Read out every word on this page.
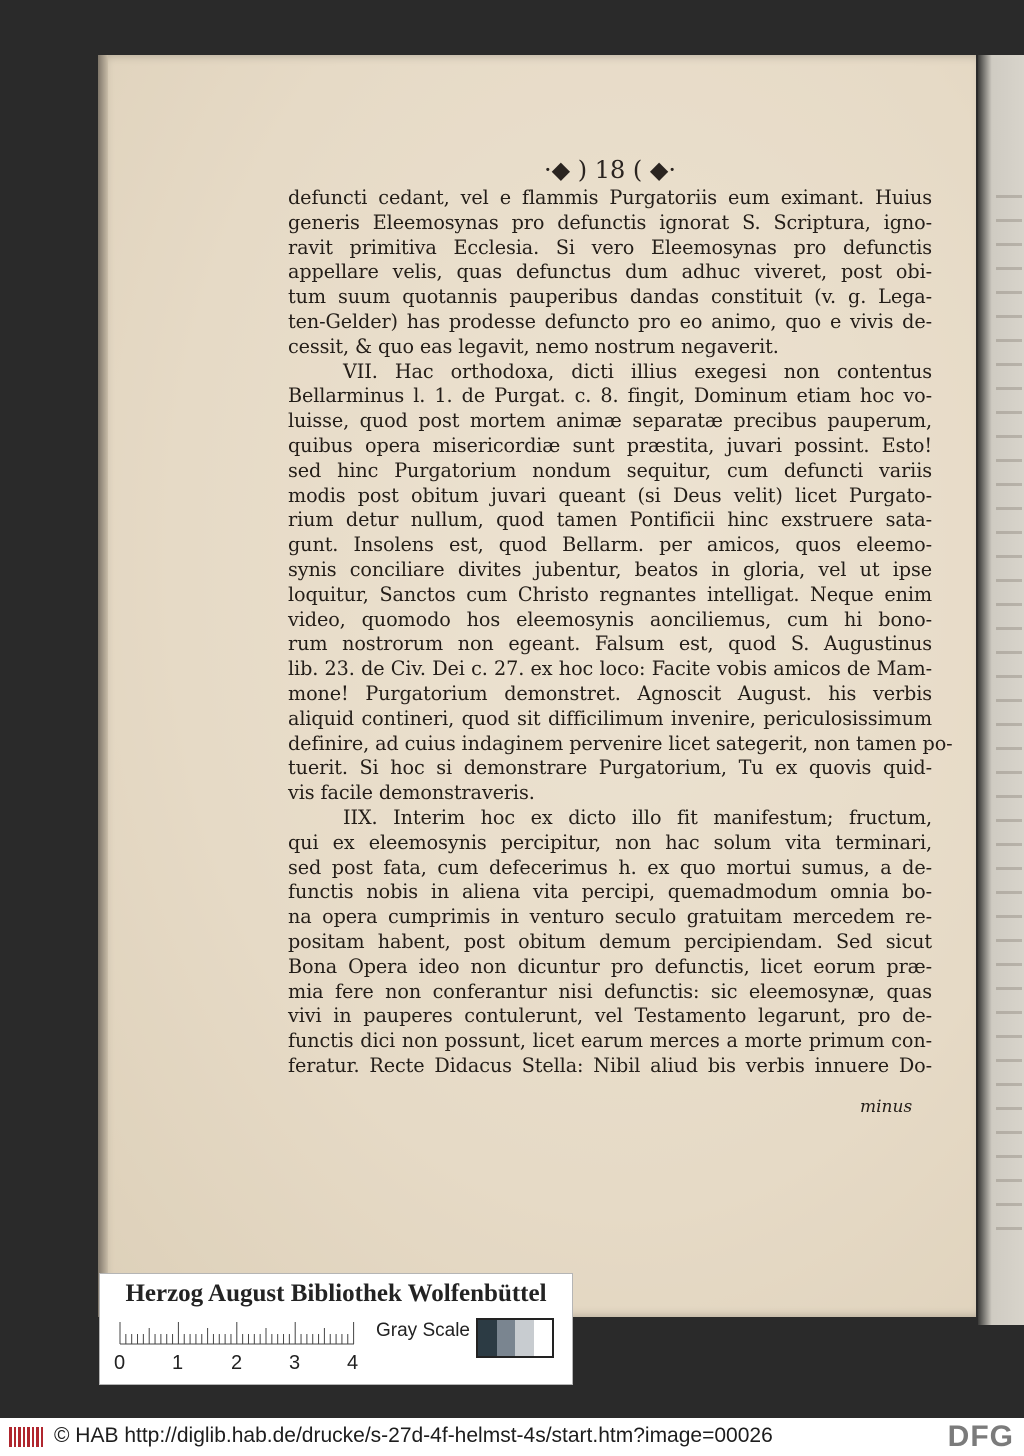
·◆ ) 18 ( ◆·
defuncti cedant, vel e flammis Purgatoriis eum eximant. Huius
generis Eleemosynas pro defunctis ignorat S. Scriptura, igno-
ravit primitiva Ecclesia. Si vero Eleemosynas pro defunctis
appellare velis, quas defunctus dum adhuc viveret, post obi-
tum suum quotannis pauperibus dandas constituit (v. g. Lega-
ten-Gelder) has prodesse defuncto pro eo animo, quo e vivis de-
cessit, & quo eas legavit, nemo nostrum negaverit.
VII. Hac orthodoxa, dicti illius exegesi non contentus
Bellarminus l. 1. de Purgat. c. 8. fingit, Dominum etiam hoc vo-
luisse, quod post mortem animæ separatæ precibus pauperum,
quibus opera misericordiæ sunt præstita, juvari possint. Esto!
sed hinc Purgatorium nondum sequitur, cum defuncti variis
modis post obitum juvari queant (si Deus velit) licet Purgato-
rium detur nullum, quod tamen Pontificii hinc exstruere sata-
gunt. Insolens est, quod Bellarm. per amicos, quos eleemo-
synis conciliare divites jubentur, beatos in gloria, vel ut ipse
loquitur, Sanctos cum Christo regnantes intelligat. Neque enim
video, quomodo hos eleemosynis aonciliemus, cum hi bono-
rum nostrorum non egeant. Falsum est, quod S. Augustinus
lib. 23. de Civ. Dei c. 27. ex hoc loco: Facite vobis amicos de Mam-
mone! Purgatorium demonstret. Agnoscit August. his verbis
aliquid contineri, quod sit difficilimum invenire, periculosissimum
definire, ad cuius indaginem pervenire licet sategerit, non tamen po-
tuerit. Si hoc si demonstrare Purgatorium, Tu ex quovis quid-
vis facile demonstraveris.
IIX. Interim hoc ex dicto illo fit manifestum; fructum,
qui ex eleemosynis percipitur, non hac solum vita terminari,
sed post fata, cum defecerimus h. ex quo mortui sumus, a de-
functis nobis in aliena vita percipi, quemadmodum omnia bo-
na opera cumprimis in venturo seculo gratuitam mercedem re-
positam habent, post obitum demum percipiendam. Sed sicut
Bona Opera ideo non dicuntur pro defunctis, licet eorum præ-
mia fere non conferantur nisi defunctis: sic eleemosynæ, quas
vivi in pauperes contulerunt, vel Testamento legarunt, pro de-
functis dici non possunt, licet earum merces a morte primum con-
feratur. Recte Didacus Stella: Nibil aliud bis verbis innuere Do-
minus
Herzog August Bibliothek Wolfenbüttel
0 1 2 3 4
Gray Scale
© HAB http://diglib.hab.de/drucke/s-27d-4f-helmst-4s/start.htm?image=00026	DFG
